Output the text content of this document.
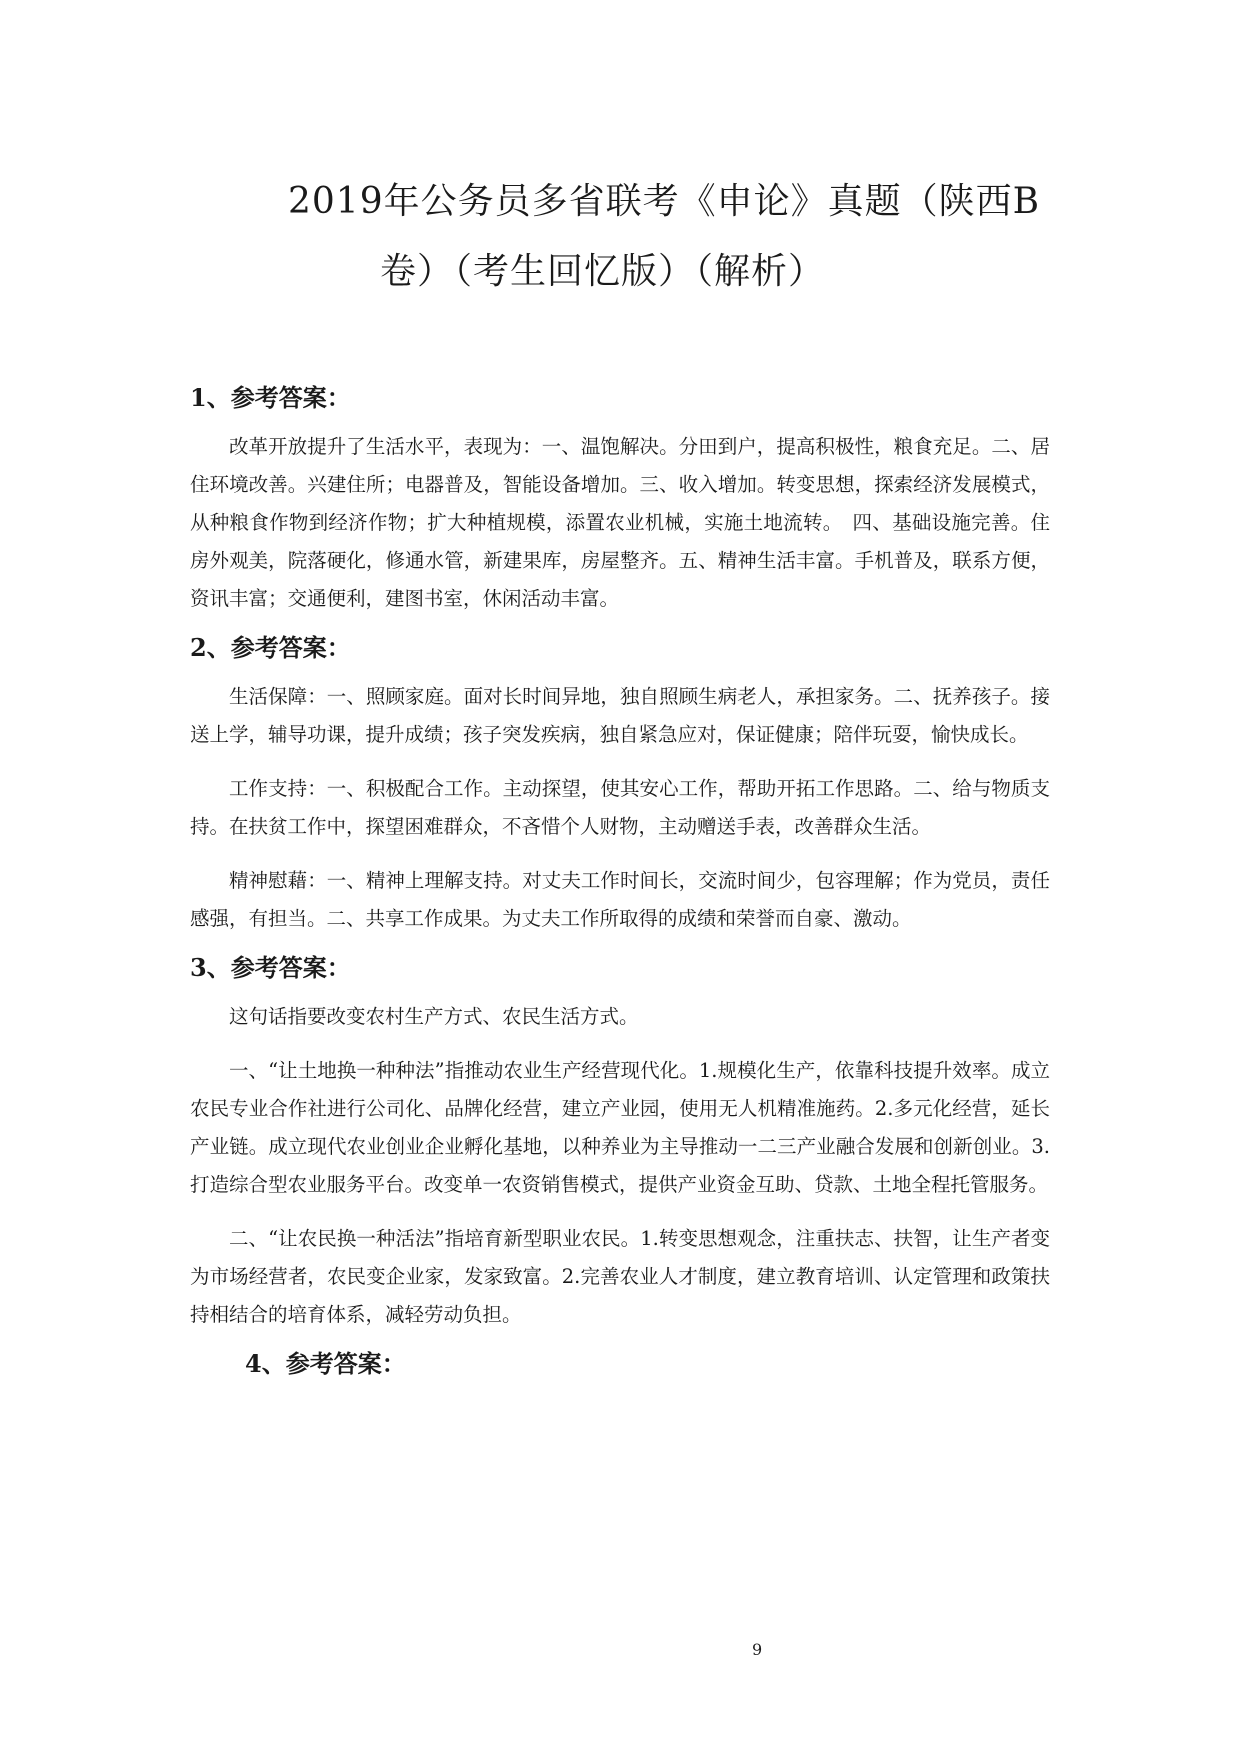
2019年公务员多省联考《申论》真题（陕西B
卷）（考生回忆版）（解析）
1、参考答案：

改革开放提升了生活水平，表现为：一、温饱解决。分田到户，提高积极性，粮食充足。二、居住环境改善。兴建住所；电器普及，智能设备增加。三、收入增加。转变思想，探索经济发展模式，从种粮食作物到经济作物；扩大种植规模，添置农业机械，实施土地流转。　四、基础设施完善。住房外观美，院落硬化，修通水管，新建果库，房屋整齐。五、精神生活丰富。手机普及，联系方便，资讯丰富；交通便利，建图书室，休闲活动丰富。

2、参考答案：

生活保障：一、照顾家庭。面对长时间异地，独自照顾生病老人，承担家务。二、抚养孩子。接送上学，辅导功课，提升成绩；孩子突发疾病，独自紧急应对，保证健康；陪伴玩耍，愉快成长。

工作支持：一、积极配合工作。主动探望，使其安心工作，帮助开拓工作思路。二、给与物质支持。在扶贫工作中，探望困难群众，不吝惜个人财物，主动赠送手表，改善群众生活。

精神慰藉：一、精神上理解支持。对丈夫工作时间长，交流时间少，包容理解；作为党员，责任感强，有担当。二、共享工作成果。为丈夫工作所取得的成绩和荣誉而自豪、激动。

3、参考答案：

这句话指要改变农村生产方式、农民生活方式。

一、“让土地换一种种法”指推动农业生产经营现代化。1.规模化生产，依靠科技提升效率。成立农民专业合作社进行公司化、品牌化经营，建立产业园，使用无人机精准施药。2.多元化经营，延长产业链。成立现代农业创业企业孵化基地，以种养业为主导推动一二三产业融合发展和创新创业。3.打造综合型农业服务平台。改变单一农资销售模式，提供产业资金互助、贷款、土地全程托管服务。

二、“让农民换一种活法”指培育新型职业农民。1.转变思想观念，注重扶志、扶智，让生产者变为市场经营者，农民变企业家，发家致富。2.完善农业人才制度，建立教育培训、认定管理和政策扶持相结合的培育体系，减轻劳动负担。

4、参考答案：
9
